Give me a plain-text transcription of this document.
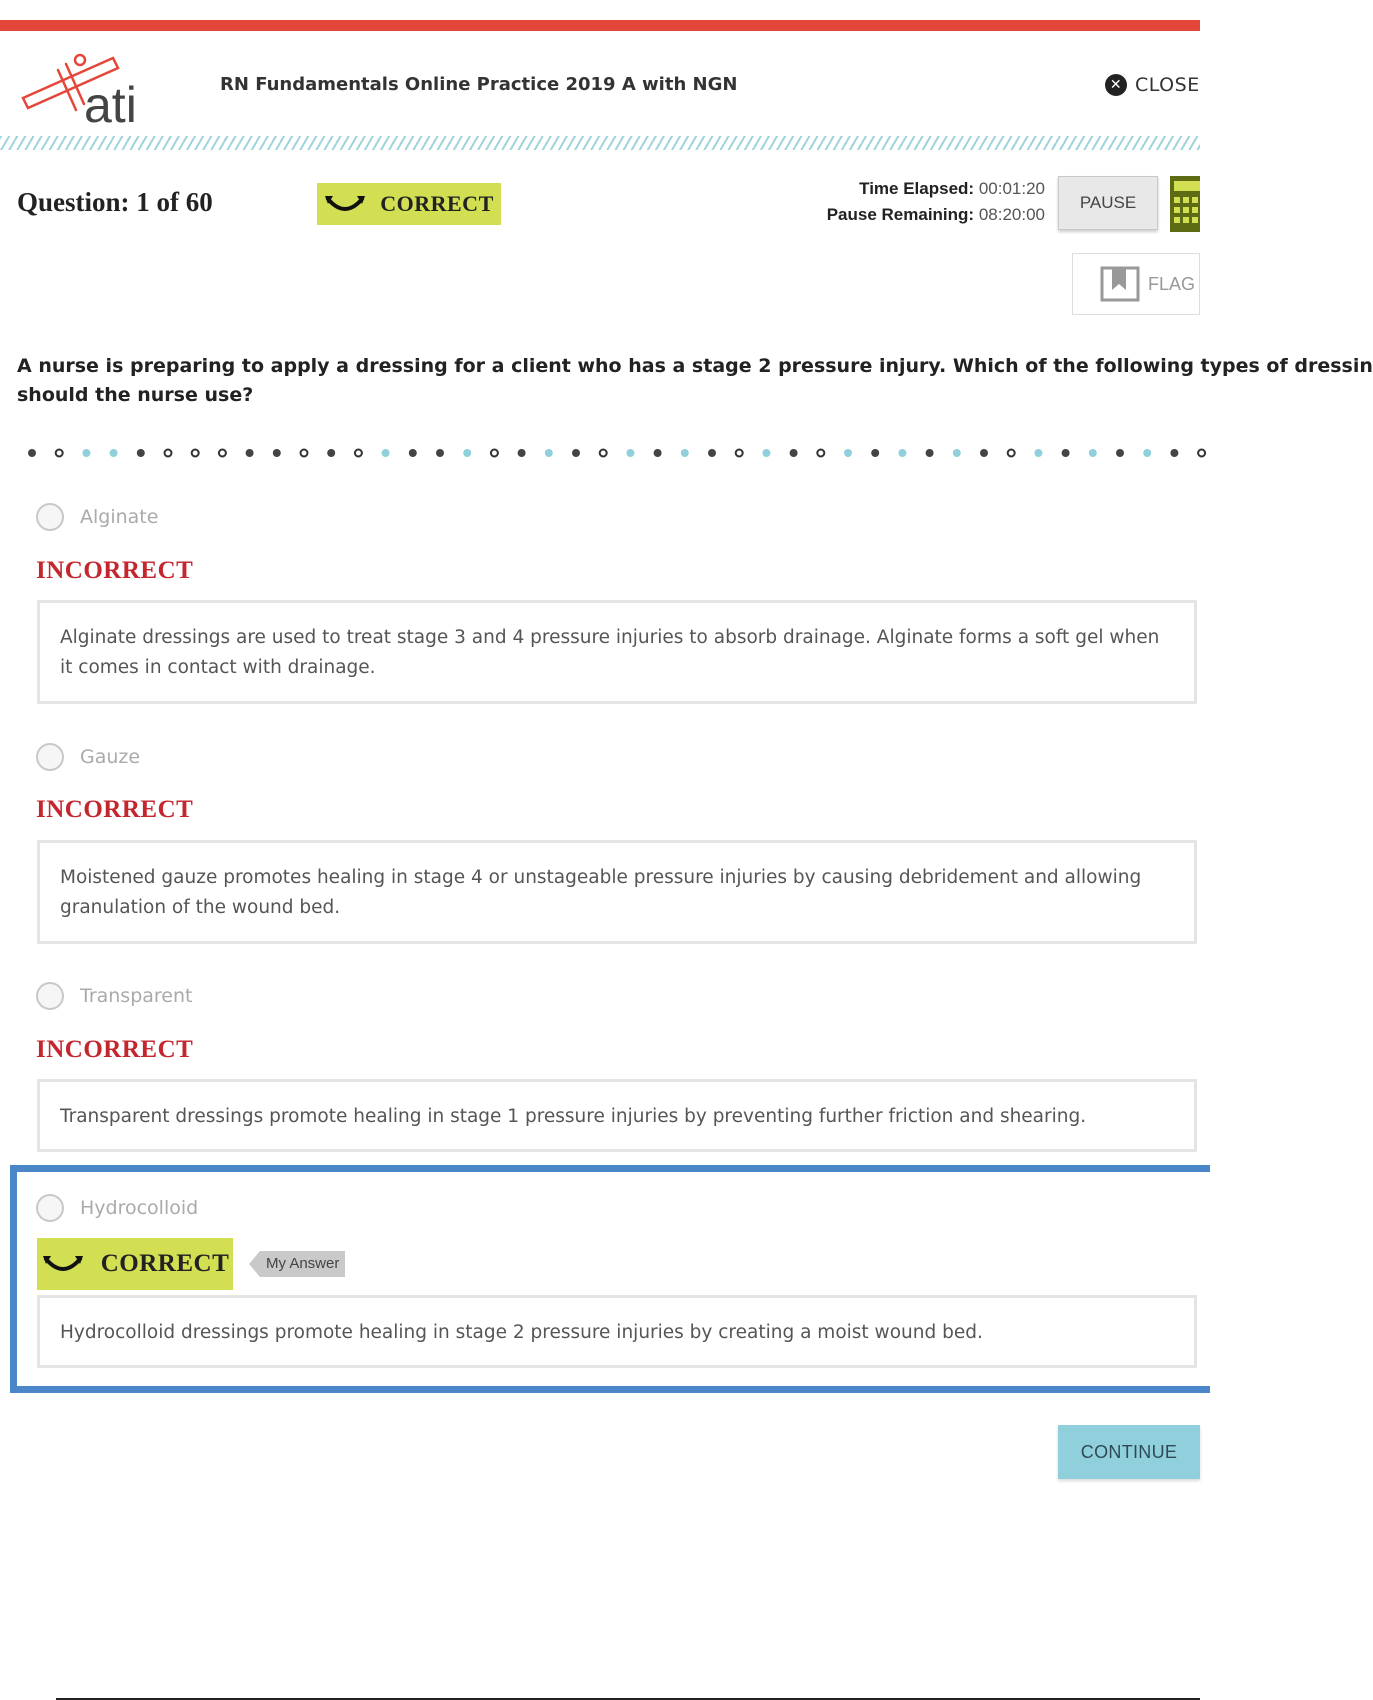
ati	RN Fundamentals Online Practice 2019 A with NGN	✕ CLOSE
Question: 1 of 60	CORRECT
Time Elapsed: 00:01:20
Pause Remaining: 08:20:00
PAUSE
FLAG
A nurse is preparing to apply a dressing for a client who has a stage 2 pressure injury. Which of the following types of dressin
should the nurse use?
Alginate
INCORRECT
Alginate dressings are used to treat stage 3 and 4 pressure injuries to absorb drainage. Alginate forms a soft gel when it comes in contact with drainage.
Gauze
INCORRECT
Moistened gauze promotes healing in stage 4 or unstageable pressure injuries by causing debridement and allowing granulation of the wound bed.
Transparent
INCORRECT
Transparent dressings promote healing in stage 1 pressure injuries by preventing further friction and shearing.
Hydrocolloid
CORRECT	My Answer
Hydrocolloid dressings promote healing in stage 2 pressure injuries by creating a moist wound bed.
CONTINUE
